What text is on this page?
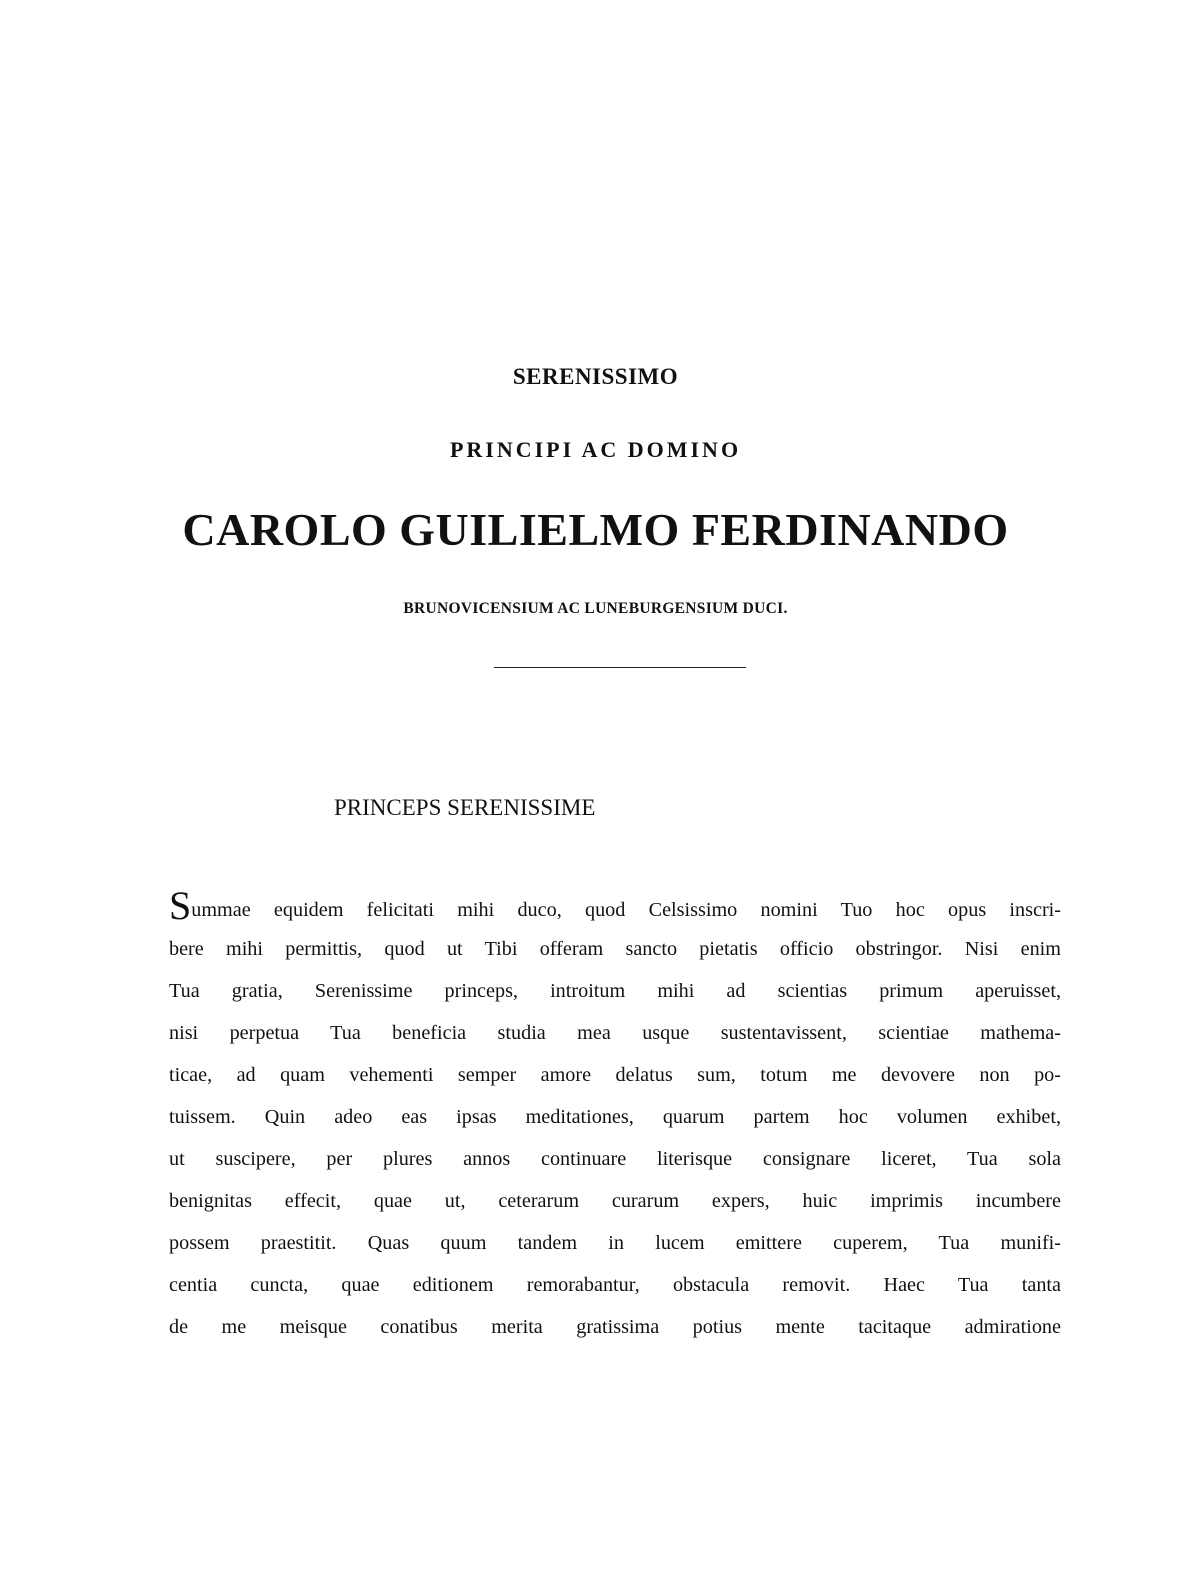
SERENISSIMO
PRINCIPI AC DOMINO
CAROLO GUILIELMO FERDINANDO
BRUNOVICENSIUM AC LUNEBURGENSIUM DUCI.
PRINCEPS SERENISSIME
Summae equidem felicitati mihi duco, quod Celsissimo nomini Tuo hoc opus inscri-
bere mihi permittis, quod ut Tibi offeram sancto pietatis officio obstringor. Nisi enim
Tua gratia, Serenissime princeps, introitum mihi ad scientias primum aperuisset,
nisi perpetua Tua beneficia studia mea usque sustentavissent, scientiae mathema-
ticae, ad quam vehementi semper amore delatus sum, totum me devovere non po-
tuissem. Quin adeo eas ipsas meditationes, quarum partem hoc volumen exhibet,
ut suscipere, per plures annos continuare literisque consignare liceret, Tua sola
benignitas effecit, quae ut, ceterarum curarum expers, huic imprimis incumbere
possem praestitit. Quas quum tandem in lucem emittere cuperem, Tua munifi-
centia cuncta, quae editionem remorabantur, obstacula removit. Haec Tua tanta
de me meisque conatibus merita gratissima potius mente tacitaque admiratione
